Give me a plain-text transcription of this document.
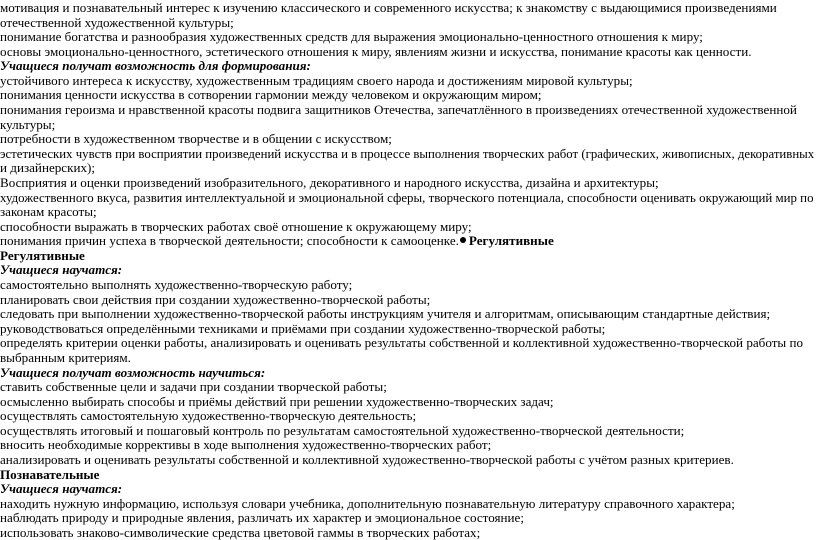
мотивация и познавательный интерес к изучению классического и современного искусства; к знакомству с выдающимися произведениями
отечественной художественной культуры;
понимание богатства и разнообразия художественных средств для выражения эмоционально-ценностного отношения к миру;
основы эмоционально-ценностного, эстетического отношения к миру, явлениям жизни и искусства, понимание красоты как ценности.
Учащиеся получат возможность для формирования:
устойчивого интереса к искусству, художественным традициям своего народа и достижениям мировой культуры;
понимания ценности искусства в сотворении гармонии между человеком и окружающим миром;
понимания героизма и нравственной красоты подвига защитников Отечества, запечатлённого в произведениях отечественной художественной
культуры;
потребности в художественном творчестве и в общении с искусством;
эстетических чувств при восприятии произведений искусства и в процессе выполнения творческих работ (графических, живописных, декоративных
и дизайнерских);
Восприятия и оценки произведений изобразительного, декоративного и народного искусства, дизайна и архитектуры;
художественного вкуса, развития интеллектуальной и эмоциональной сферы, творческого потенциала, способности оценивать окружающий мир по
законам красоты;
способности выражать в творческих работах своё отношение к окружающему миру;
понимания причин успеха в творческой деятельности; способности к самооценке. Регулятивные
Регулятивные
Учащиеся научатся:
самостоятельно выполнять художественно-творческую работу;
планировать свои действия при создании художественно-творческой работы;
следовать при выполнении художественно-творческой работы инструкциям учителя и алгоритмам, описывающим стандартные действия;
руководствоваться определёнными техниками и приёмами при создании художественно-творческой работы;
определять критерии оценки работы, анализировать и оценивать результаты собственной и коллективной художественно-творческой работы по
выбранным критериям.
Учащиеся получат возможность научиться:
ставить собственные цели и задачи при создании творческой работы;
осмысленно выбирать способы и приёмы действий при решении художественно-творческих задач;
осуществлять самостоятельную художественно-творческую деятельность;
осуществлять итоговый и пошаговый контроль по результатам самостоятельной художественно-творческой деятельности;
вносить необходимые коррективы в ходе выполнения художественно-творческих работ;
анализировать и оценивать результаты собственной и коллективной художественно-творческой работы с учётом разных критериев.
Познавательные
Учащиеся научатся:
находить нужную информацию, используя словари учебника, дополнительную познавательную литературу справочного характера;
наблюдать природу и природные явления, различать их характер и эмоциональное состояние;
использовать знаково-символические средства цветовой гаммы в творческих работах;
